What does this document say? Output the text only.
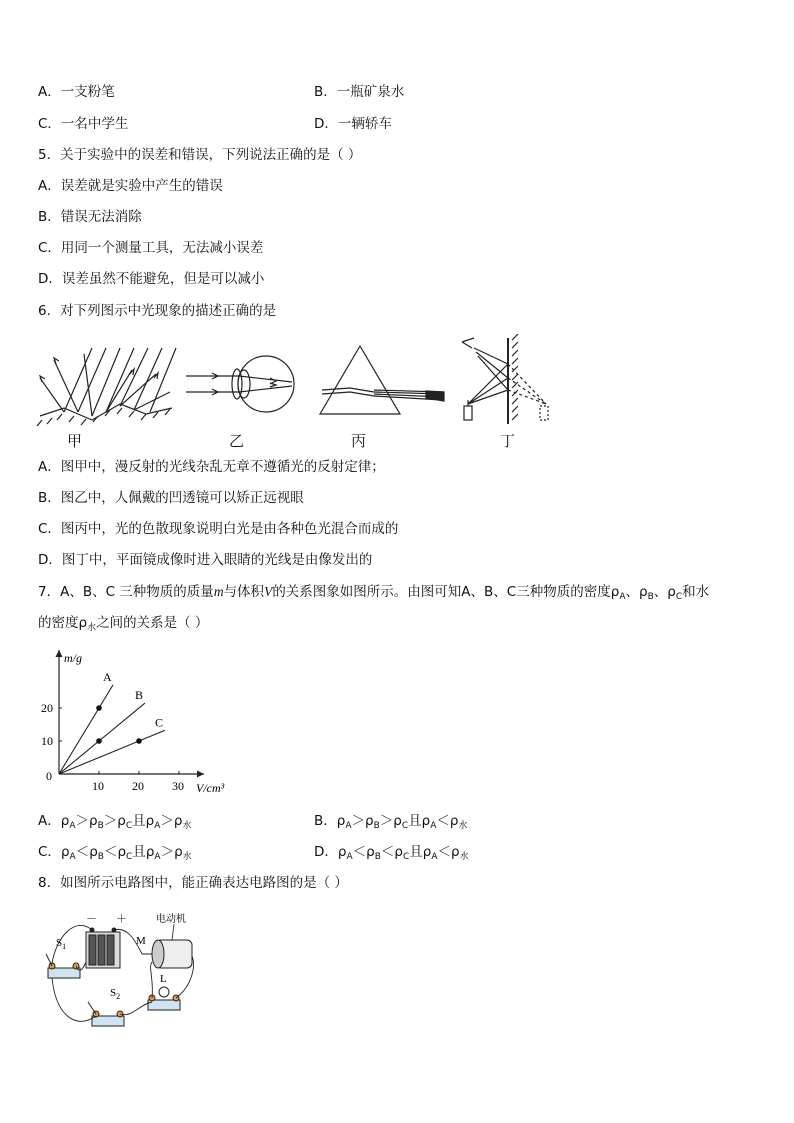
A．一支粉笔	B．一瓶矿泉水
C．一名中学生	D．一辆轿车
5．关于实验中的误差和错误，下列说法正确的是（ ）
A．误差就是实验中产生的错误
B．错误无法消除
C．用同一个测量工具，无法减小误差
D．误差虽然不能避免，但是可以减小
6．对下列图示中光现象的描述正确的是
甲	乙	丙	丁
A．图甲中，漫反射的光线杂乱无章不遵循光的反射定律；
B．图乙中，人佩戴的凹透镜可以矫正远视眼
C．图丙中，光的色散现象说明白光是由各种色光混合而成的
D．图丁中，平面镜成像时进入眼睛的光线是由像发出的
7．A、B、C 三种物质的质量m与体积V的关系图象如图所示。由图可知A、B、C三种物质的密度$\rho_A$、$\rho_B$、$\rho_C$和水
的密度$\rho_水$之间的关系是（ ）
m/g
V/cm³
0
10 20 30
10
20
A
B
C
A．$\rho_A>\rho_B>\rho_C$且$\rho_A>\rho_水$	B．$\rho_A>\rho_B>\rho_C$且$\rho_A<\rho_水$
C．$\rho_A<\rho_B<\rho_C$且$\rho_A>\rho_水$	D．$\rho_A<\rho_B<\rho_C$且$\rho_A<\rho_水$
8．如图所示电路图中，能正确表达电路图的是（ ）
－ ＋	电动机
M
$S_1$
$S_2$
L
